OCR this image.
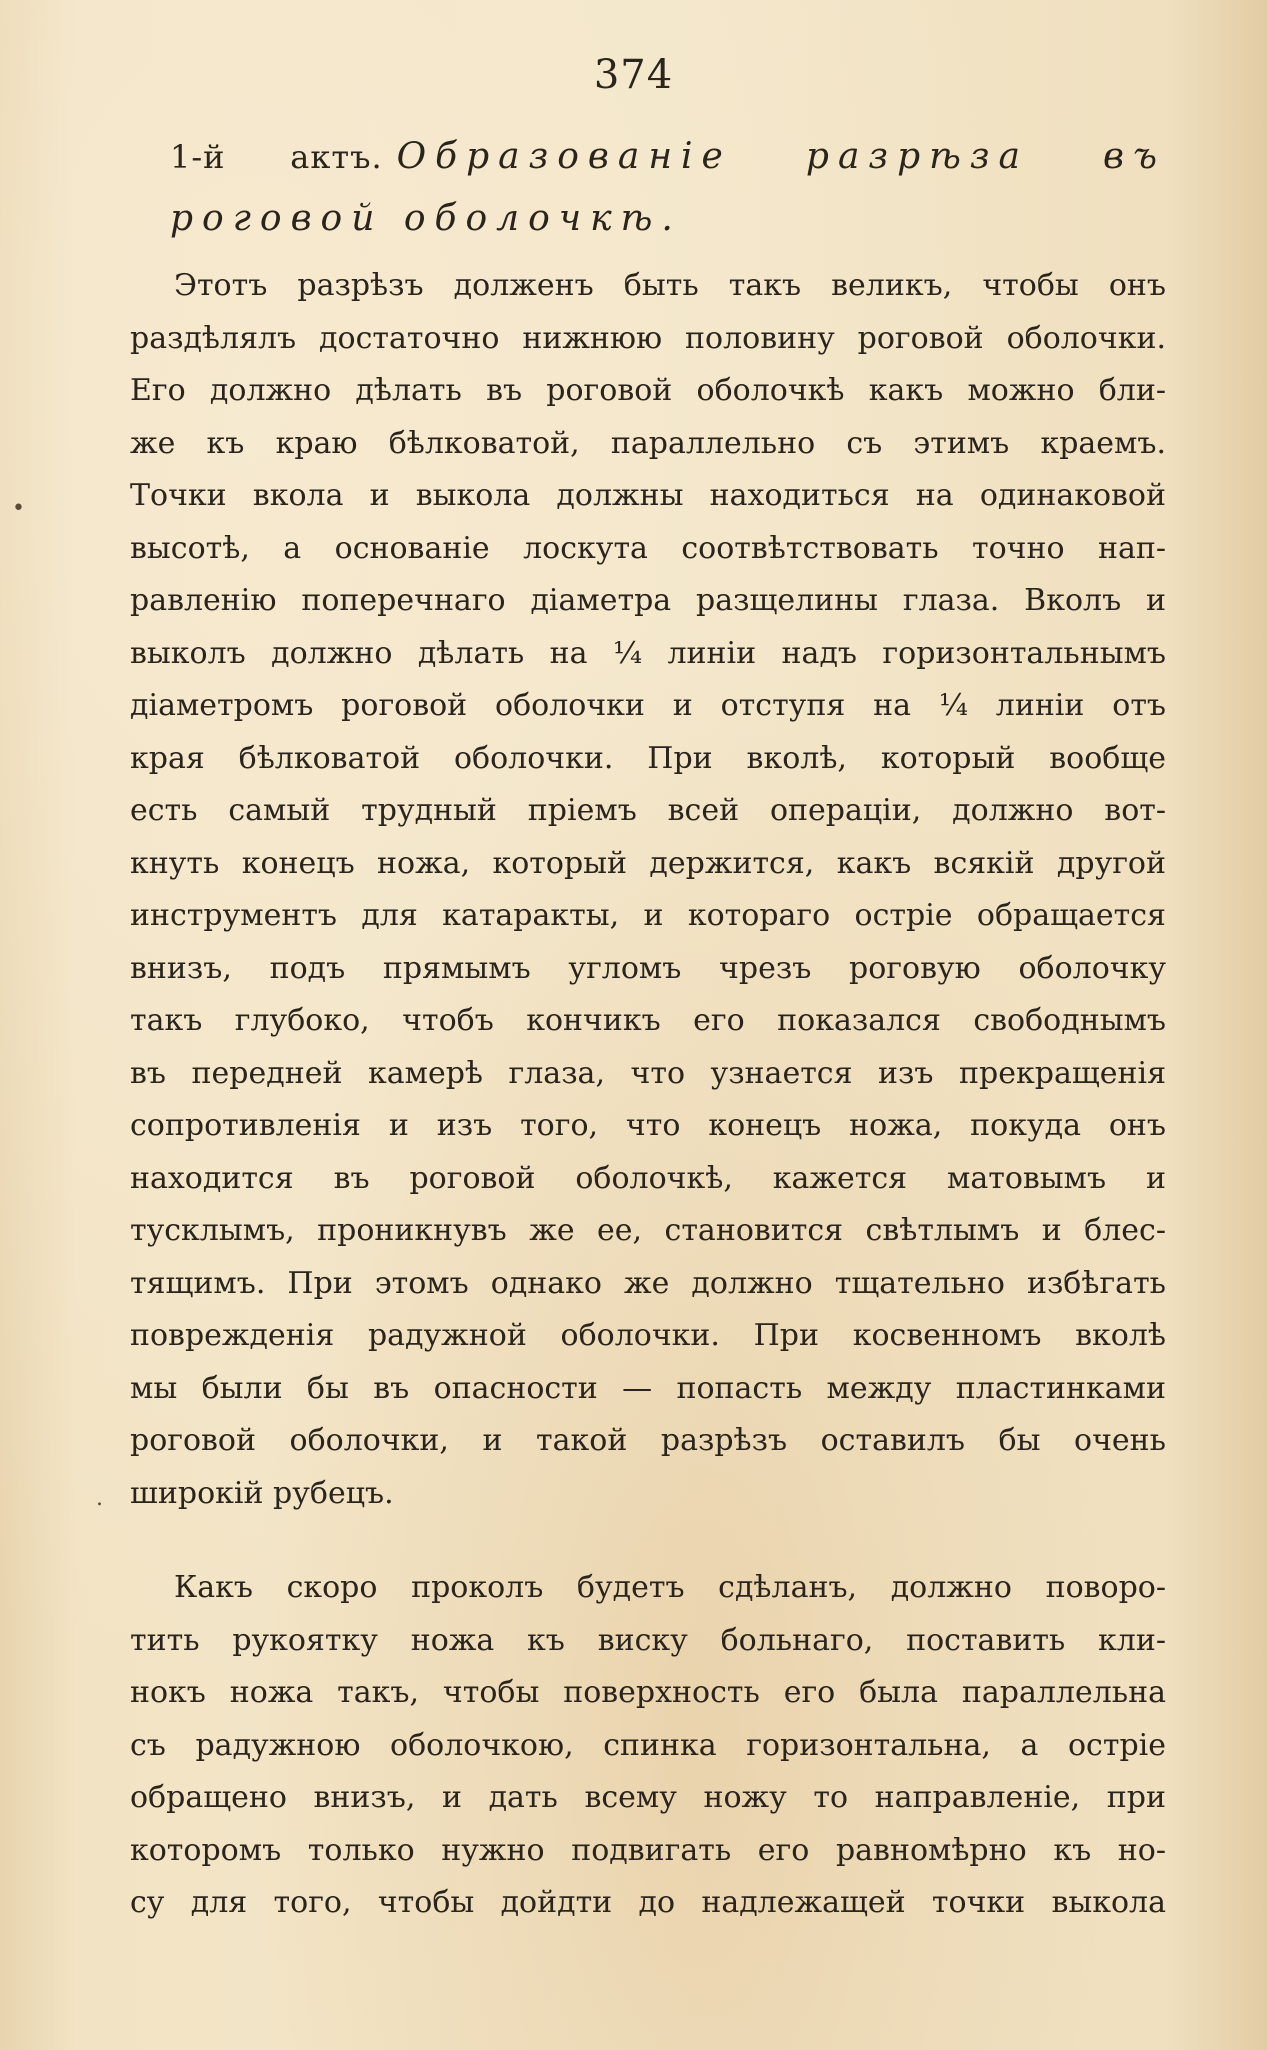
374
1-й актъ. Образованіе разрѣза въ роговой оболочкѣ.
•
.
Этотъ разрѣзъ долженъ быть такъ великъ, чтобы онъ
раздѣлялъ достаточно нижнюю половину роговой оболочки.
Его должно дѣлать въ роговой оболочкѣ какъ можно бли-
же къ краю бѣлковатой, параллельно съ этимъ краемъ.
Точки вкола и выкола должны находиться на одинаковой
высотѣ, а основаніе лоскута соотвѣтствовать точно нап-
равленію поперечнаго діаметра разщелины глаза. Вколъ и
выколъ должно дѣлать на ¼ линіи надъ горизонтальнымъ
діаметромъ роговой оболочки и отступя на ¼ линіи отъ
края бѣлковатой оболочки. При вколѣ, который вообще
есть самый трудный пріемъ всей операціи, должно вот-
кнуть конецъ ножа, который держится, какъ всякій другой
инструментъ для катаракты, и котораго остріе обращается
внизъ, подъ прямымъ угломъ чрезъ роговую оболочку
такъ глубоко, чтобъ кончикъ его показался свободнымъ
въ передней камерѣ глаза, что узнается изъ прекращенія
сопротивленія и изъ того, что конецъ ножа, покуда онъ
находится въ роговой оболочкѣ, кажется матовымъ и
тусклымъ, проникнувъ же ее, становится свѣтлымъ и блес-
тящимъ. При этомъ однако же должно тщательно избѣгать
поврежденія радужной оболочки. При косвенномъ вколѣ
мы были бы въ опасности — попасть между пластинками
роговой оболочки, и такой разрѣзъ оставилъ бы очень
широкій рубецъ.
Какъ скоро проколъ будетъ сдѣланъ, должно поворо-
тить рукоятку ножа къ виску больнаго, поставить кли-
нокъ ножа такъ, чтобы поверхность его была параллельна
съ радужною оболочкою, спинка горизонтальна, а остріе
обращено внизъ, и дать всему ножу то направленіе, при
которомъ только нужно подвигать его равномѣрно къ но-
су для того, чтобы дойдти до надлежащей точки выкола
